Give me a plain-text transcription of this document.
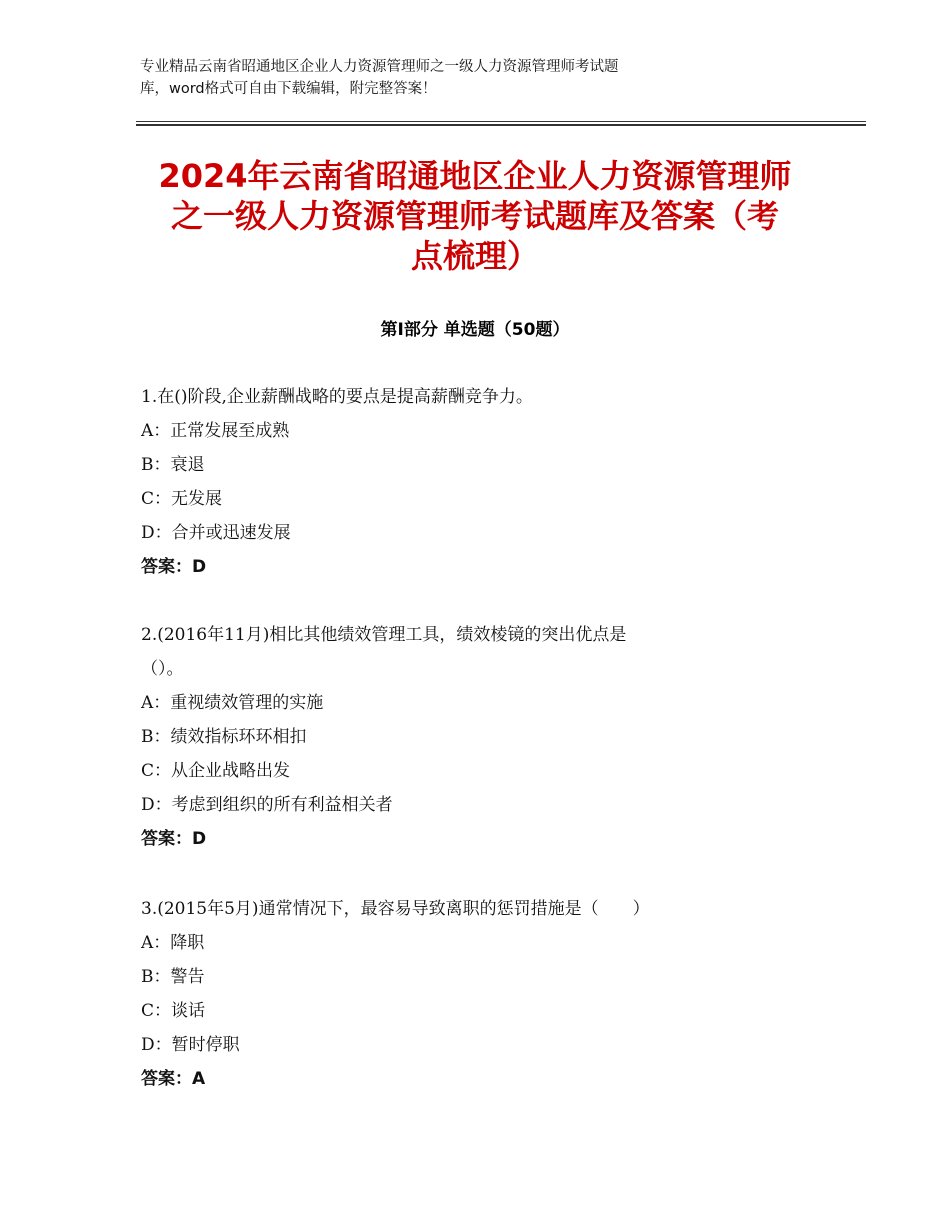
专业精品云南省昭通地区企业人力资源管理师之一级人力资源管理师考试题
库，word格式可自由下载编辑，附完整答案！
2024年云南省昭通地区企业人力资源管理师
之一级人力资源管理师考试题库及答案（考
点梳理）
第Ⅰ部分 单选题（50题）
1.在()阶段,企业薪酬战略的要点是提高薪酬竞争力。
A：正常发展至成熟
B：衰退
C：无发展
D：合并或迅速发展
答案：D
2.(2016年11月)相比其他绩效管理工具，绩效棱镜的突出优点是
（）。
A：重视绩效管理的实施
B：绩效指标环环相扣
C：从企业战略出发
D：考虑到组织的所有利益相关者
答案：D
3.(2015年5月)通常情况下，最容易导致离职的惩罚措施是（　　）
A：降职
B：警告
C：谈话
D：暂时停职
答案：A
